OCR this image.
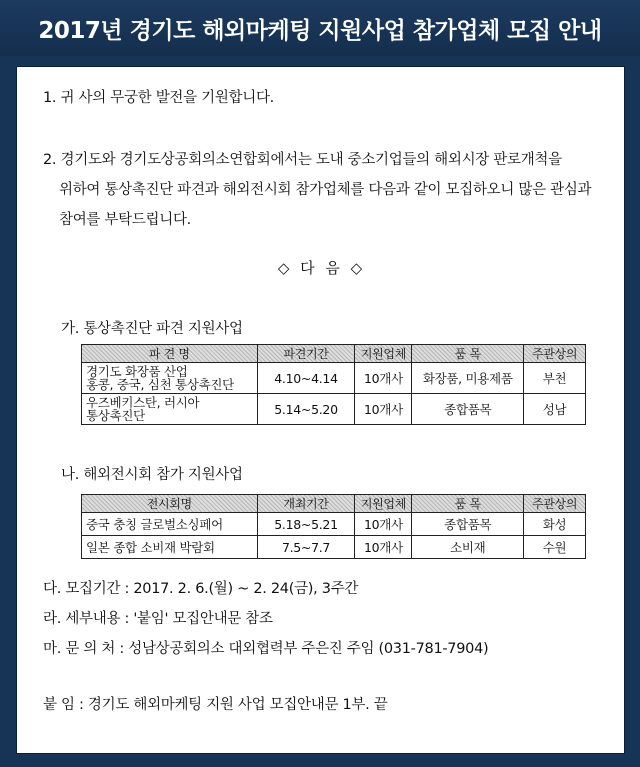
2017년 경기도 해외마케팅 지원사업 참가업체 모집 안내
1. 귀 사의 무궁한 발전을 기원합니다.
2. 경기도와 경기도상공회의소연합회에서는 도내 중소기업들의 해외시장 판로개척을
위하여 통상촉진단 파견과 해외전시회 참가업체를 다음과 같이 모집하오니 많은 관심과
참여를 부탁드립니다.
◇ 다 음 ◇
가. 통상촉진단 파견 지원사업
파 견 명	파견기간	지원업체	품 목	주관상의

경기도 화장품 산업
홍콩, 중국, 심천 통상촉진단	4.10~4.14	10개사	화장품, 미용제품	부천

우즈베키스탄, 러시아
통상촉진단	5.14~5.20	10개사	종합품목	성남
나. 해외전시회 참가 지원사업
전시회명	개최기간	지원업체	품 목	주관상의
중국 충칭 글로벌소싱페어	5.18~5.21	10개사	종합품목	화성
일본 종합 소비재 박람회	7.5~7.7	10개사	소비재	수원
다. 모집기간 : 2017. 2. 6.(월) ~ 2. 24(금), 3주간
라. 세부내용 : '붙임' 모집안내문 참조
마. 문 의 처 : 성남상공회의소 대외협력부 주은진 주임 (031-781-7904)
붙 임 : 경기도 해외마케팅 지원 사업 모집안내문 1부. 끝
